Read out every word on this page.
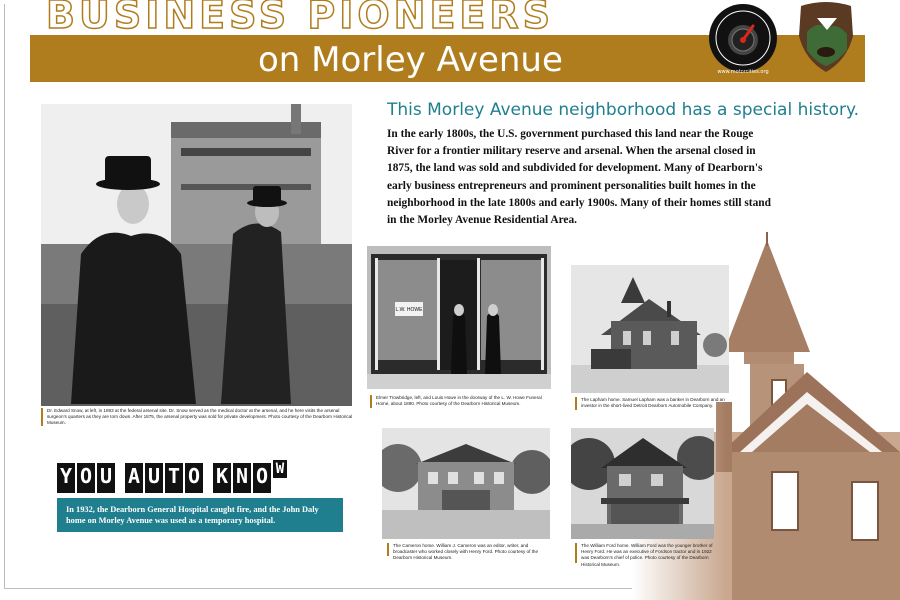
BUSINESS PIONEERS
on Morley Avenue	www.motorcities.org
Dr. Edward Snow, at left, in 1893 at the federal arsenal site. Dr. Snow served as the medical doctor at the arsenal, and he here visits the arsenal surgeon's quarters as they are torn down. After 1875, the arsenal property was sold for private development. Photo courtesy of the Dearborn Historical Museum.
This Morley Avenue neighborhood has a special history.
In the early 1800s, the U.S. government purchased this land near the Rouge River for a frontier military reserve and arsenal. When the arsenal closed in 1875, the land was sold and subdivided for development. Many of Dearborn's early business entrepreneurs and prominent personalities built homes in the neighborhood in the late 1800s and early 1900s. Many of their homes still stand in the Morley Avenue Residential Area.
L.W. HOWE
Elmer Trowbridge, left, and Louis Howe in the doorway of the L. W. Howe Funeral Home, about 1890. Photo courtesy of the Dearborn Historical Museum.
The Lapham home. Samuel Lapham was a banker in Dearborn and an investor in the short-lived Detroit Dearborn Automobile Company.
The Cameron home. William J. Cameron was an editor, writer, and broadcaster who worked closely with Henry Ford. Photo courtesy of the Dearborn Historical Museum.
The William Ford home. William Ford was the younger brother of Henry Ford. He was an executive of Fordson tractor and in 1922 was Dearborn's chief of police. Photo courtesy of the Dearborn Historical Museum.
Y O U A U T O K N O W
In 1932, the Dearborn General Hospital caught fire, and the John Daly home on Morley Avenue was used as a temporary hospital.
